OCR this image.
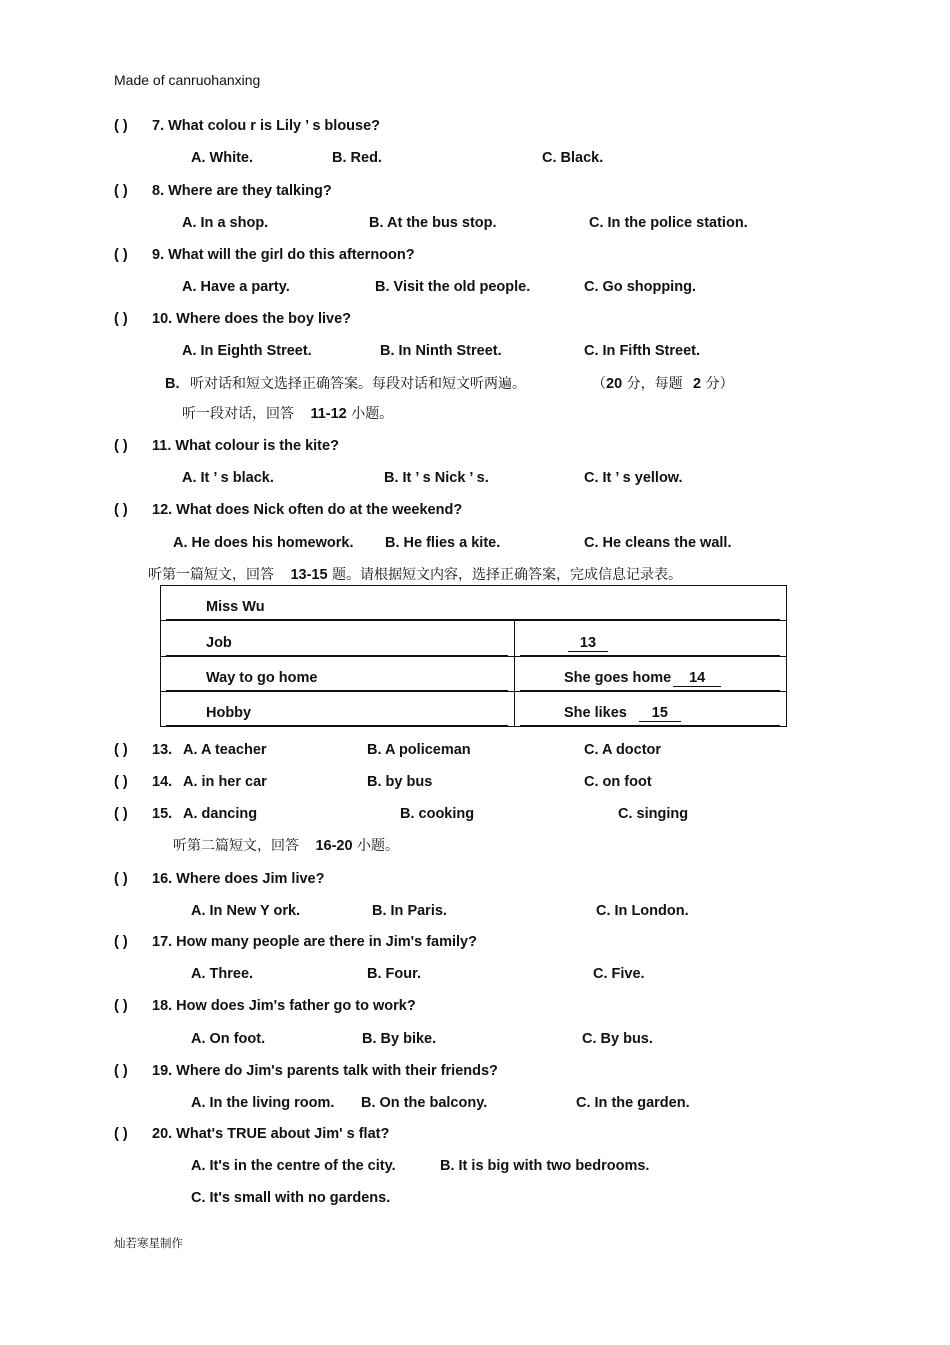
Made of canruohanxing
( ) 7. What colou r is Lily ’ s blouse?
A. White.	B. Red.	C. Black.
( ) 8. Where are they talking?
A. In a shop.	B. At the bus stop.	C. In the police station.
( ) 9. What will the girl do this afternoon?
A. Have a party.	B. Visit the old people.	C. Go shopping.
( ) 10. Where does the boy live?
A. In Eighth Street.	B. In Ninth Street.	C. In Fifth Street.
B. 听对话和短文选择正确答案。每段对话和短文听两遍。	（20 分，每题 2 分）
听一段对话，回答 11-12 小题。
( ) 11. What colour is the kite?
A. It ’ s black.	B. It ’ s Nick ’ s.	C. It ’ s yellow.
( ) 12. What does Nick often do at the weekend?
A. He does his homework. B. He flies a kite.	C. He cleans the wall.
听第一篇短文，回答 13-15 题。请根据短文内容，选择正确答案，完成信息记录表。
Miss Wu	

Job	13

Way to go home	She goes home 14

Hobby	She likes 15
( ) 13. A. A teacher	B. A policeman	C. A doctor
( ) 14. A. in her car	B. by bus	C. on foot
( ) 15. A. dancing	B. cooking	C. singing
听第二篇短文，回答 16-20 小题。
( ) 16. Where does Jim live?
A. In New Y ork.	B. In Paris.	C. In London.
( ) 17. How many people are there in Jim's family?
A. Three.	B. Four.	C. Five.
( ) 18. How does Jim's father go to work?
A. On foot.	B. By bike.	C. By bus.
( ) 19. Where do Jim's parents talk with their friends?
A. In the living room. B. On the balcony.	C. In the garden.
( ) 20. What's TRUE about Jim' s flat?
A. It's in the centre of the city.	B. It is big with two bedrooms.
C. It's small with no gardens.
灿若寒星制作
